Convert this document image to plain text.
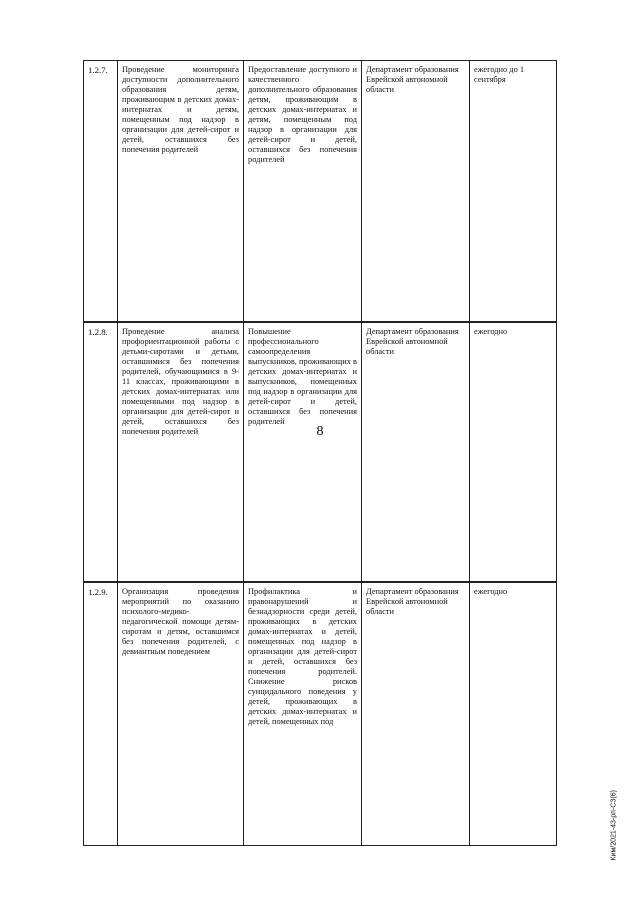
8
Ким/2021-43-рп-СЗ(6)
1.2.7.	Проведение мониторинга доступности дополнительного образования детям, проживающим в детских домах-интернатах и детям, помещенным под надзор в организации для детей-сирот и детей, оставшихся без попечения родителей
Предоставление доступного и качественного дополнительного образования детям, проживающим в детских домах-интернатах и детям, помещенным под надзор в организации для детей-сирот и детей, оставшихся без попечения родителей
Департамент образования Еврейской автономной области
ежегодно до 1 сентября
1.2.8.	Проведение анализа профориентационной работы с детьми-сиротами и детьми, оставшимися без попечения родителей, обучающимися в 9-11 классах, проживающими в детских домах-интернатах или помещенными под надзор в организации для детей-сирот и детей, оставшихся без попечения родителей
Повышение профессионального самоопределения выпускников, проживающих в детских домах-интернатах и выпускников, помещенных под надзор в организации для детей-сирот и детей, оставшихся без попечения родителей
Департамент образования Еврейской автономной области
ежегодно
1.2.9.	Организация проведения мероприятий по оказанию психолого-медико-педагогической помощи детям-сиротам и детям, оставшимся без попечения родителей, с девиантным поведением
Профилактика и правонарушений и безнадзорности среди детей, проживающих в детских домах-интернатах и детей, помещенных под надзор в организации для детей-сирот и детей, оставшихся без попечения родителей. Снижение рисков суицидального поведения у детей, проживающих в детских домах-интернатах и детей, помещенных под
Департамент образования Еврейской автономной области
ежегодно
